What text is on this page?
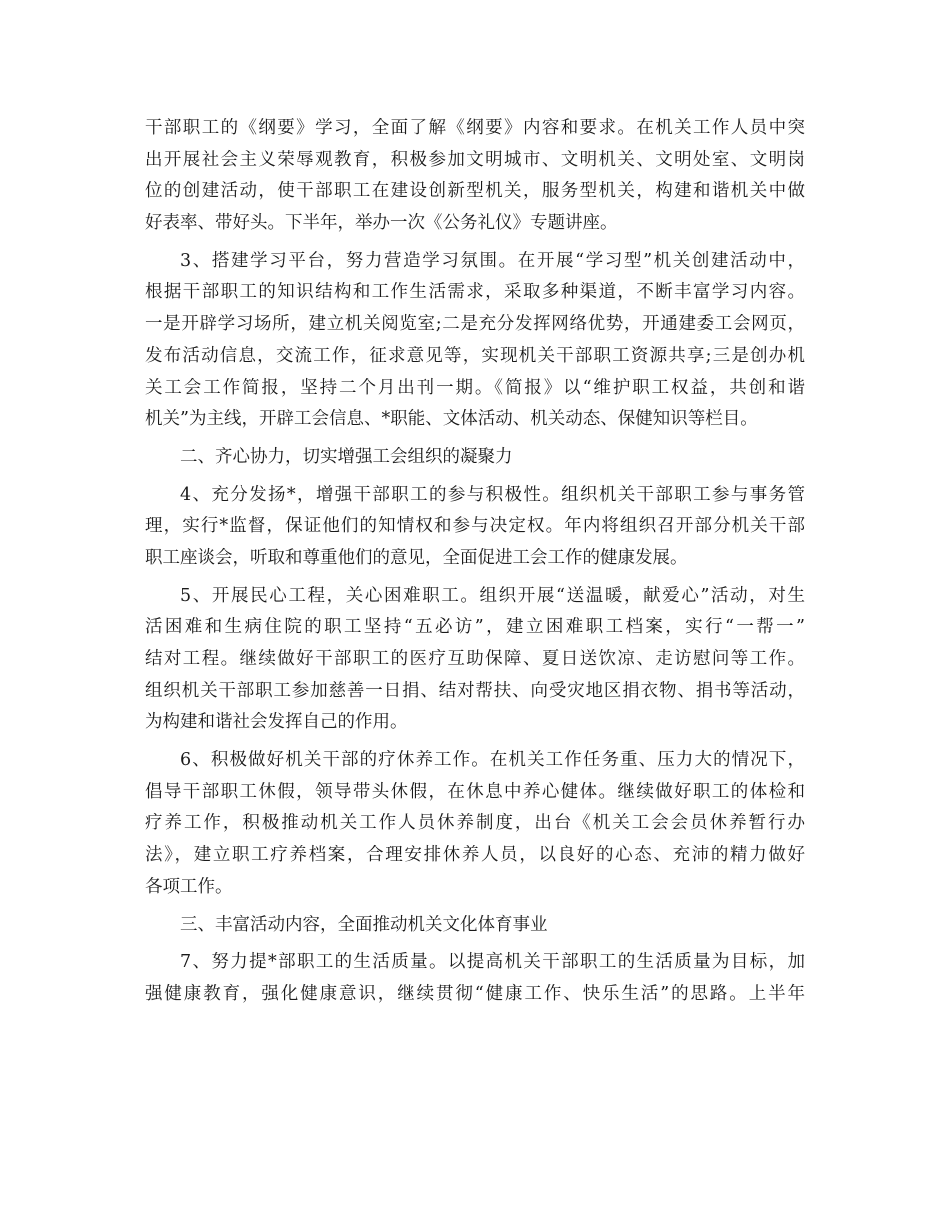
干部职工的《纲要》学习，全面了解《纲要》内容和要求。在机关工作人员中突
出开展社会主义荣辱观教育，积极参加文明城市、文明机关、文明处室、文明岗
位的创建活动，使干部职工在建设创新型机关，服务型机关，构建和谐机关中做
好表率、带好头。下半年，举办一次《公务礼仪》专题讲座。
3、搭建学习平台，努力营造学习氛围。在开展“学习型”机关创建活动中，
根据干部职工的知识结构和工作生活需求，采取多种渠道，不断丰富学习内容。
一是开辟学习场所，建立机关阅览室;二是充分发挥网络优势，开通建委工会网页，
发布活动信息，交流工作，征求意见等，实现机关干部职工资源共享;三是创办机
关工会工作简报，坚持二个月出刊一期。《简报》以“维护职工权益，共创和谐
机关”为主线，开辟工会信息、*职能、文体活动、机关动态、保健知识等栏目。
二、齐心协力，切实增强工会组织的凝聚力
4、充分发扬*，增强干部职工的参与积极性。组织机关干部职工参与事务管
理，实行*监督，保证他们的知情权和参与决定权。年内将组织召开部分机关干部
职工座谈会，听取和尊重他们的意见，全面促进工会工作的健康发展。
5、开展民心工程，关心困难职工。组织开展“送温暖，献爱心”活动，对生
活困难和生病住院的职工坚持“五必访”，建立困难职工档案，实行“一帮一”
结对工程。继续做好干部职工的医疗互助保障、夏日送饮凉、走访慰问等工作。
组织机关干部职工参加慈善一日捐、结对帮扶、向受灾地区捐衣物、捐书等活动，
为构建和谐社会发挥自己的作用。
6、积极做好机关干部的疗休养工作。在机关工作任务重、压力大的情况下，
倡导干部职工休假，领导带头休假，在休息中养心健体。继续做好职工的体检和
疗养工作，积极推动机关工作人员休养制度，出台《机关工会会员休养暂行办
法》，建立职工疗养档案，合理安排休养人员，以良好的心态、充沛的精力做好
各项工作。
三、丰富活动内容，全面推动机关文化体育事业
7、努力提*部职工的生活质量。以提高机关干部职工的生活质量为目标，加
强健康教育，强化健康意识，继续贯彻“健康工作、快乐生活”的思路。上半年
